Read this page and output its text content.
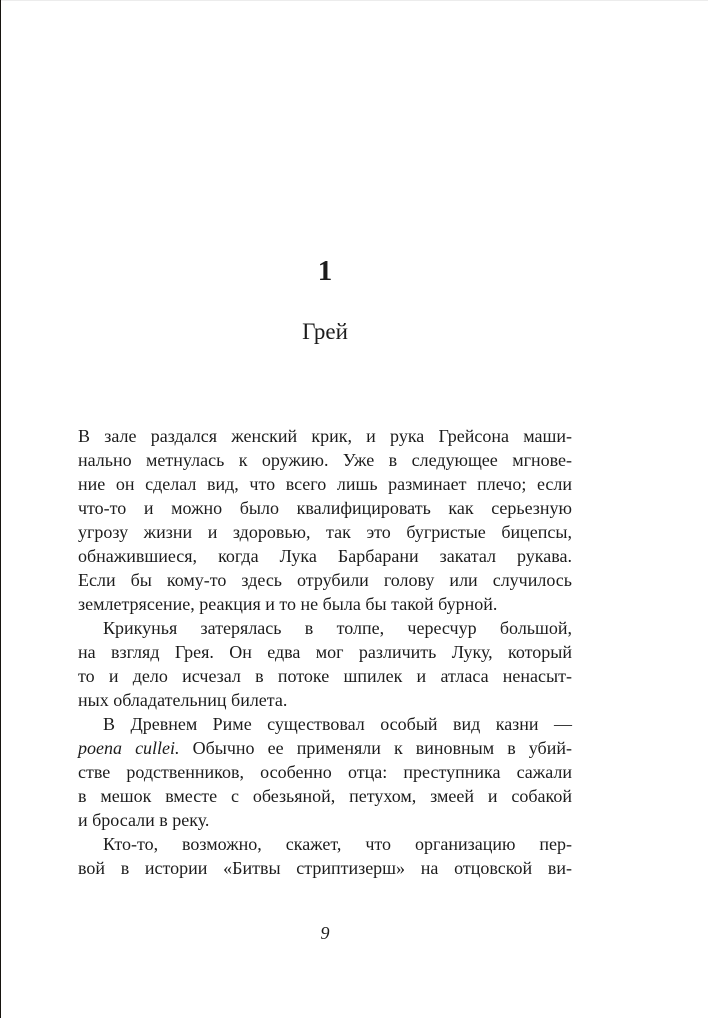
1
Грей
В зале раздался женский крик, и рука Грейсона маши-
нально метнулась к оружию. Уже в следующее мгнове-
ние он сделал вид, что всего лишь разминает плечо; если
что-то и можно было квалифицировать как серьезную
угрозу жизни и здоровью, так это бугристые бицепсы,
обнажившиеся, когда Лука Барбарани закатал рукава.
Если бы кому-то здесь отрубили голову или случилось
землетрясение, реакция и то не была бы такой бурной.
Крикунья затерялась в толпе, чересчур большой,
на взгляд Грея. Он едва мог различить Луку, который
то и дело исчезал в потоке шпилек и атласа ненасыт-
ных обладательниц билета.
В Древнем Риме существовал особый вид казни —
poena cullei. Обычно ее применяли к виновным в убий-
стве родственников, особенно отца: преступника сажали
в мешок вместе с обезьяной, петухом, змеей и собакой
и бросали в реку.
Кто-то, возможно, скажет, что организацию пер-
вой в истории «Битвы стриптизерш» на отцовской ви-
9
